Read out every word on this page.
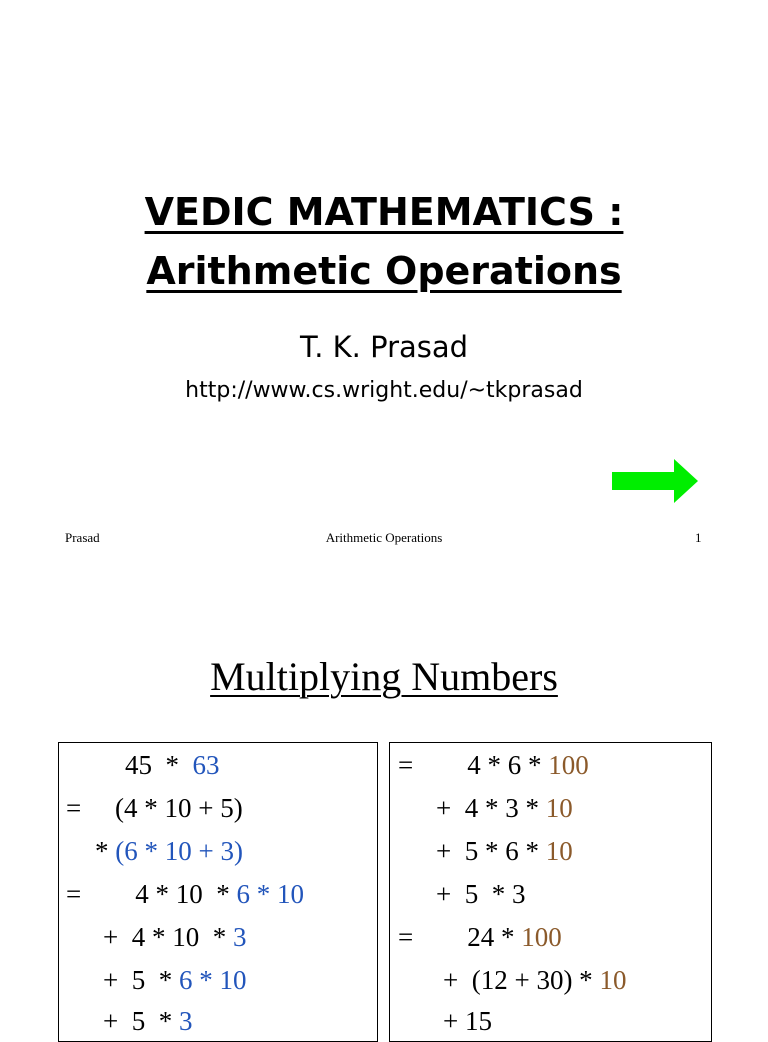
VEDIC MATHEMATICS :
Arithmetic Operations
T. K. Prasad
http://www.cs.wright.edu/~tkprasad
Prasad	Arithmetic Operations	1
Multiplying Numbers
45  *  63
=     (4 * 10 + 5)
* (6 * 10 + 3)
=        4 * 10  * 6 * 10
+  4 * 10  * 3
+  5  * 6 * 10
+  5  * 3
=        4 * 6 * 100
+  4 * 3 * 10
+  5 * 6 * 10
+  5  * 3
=        24 * 100
+  (12 + 30) * 10
+ 15
